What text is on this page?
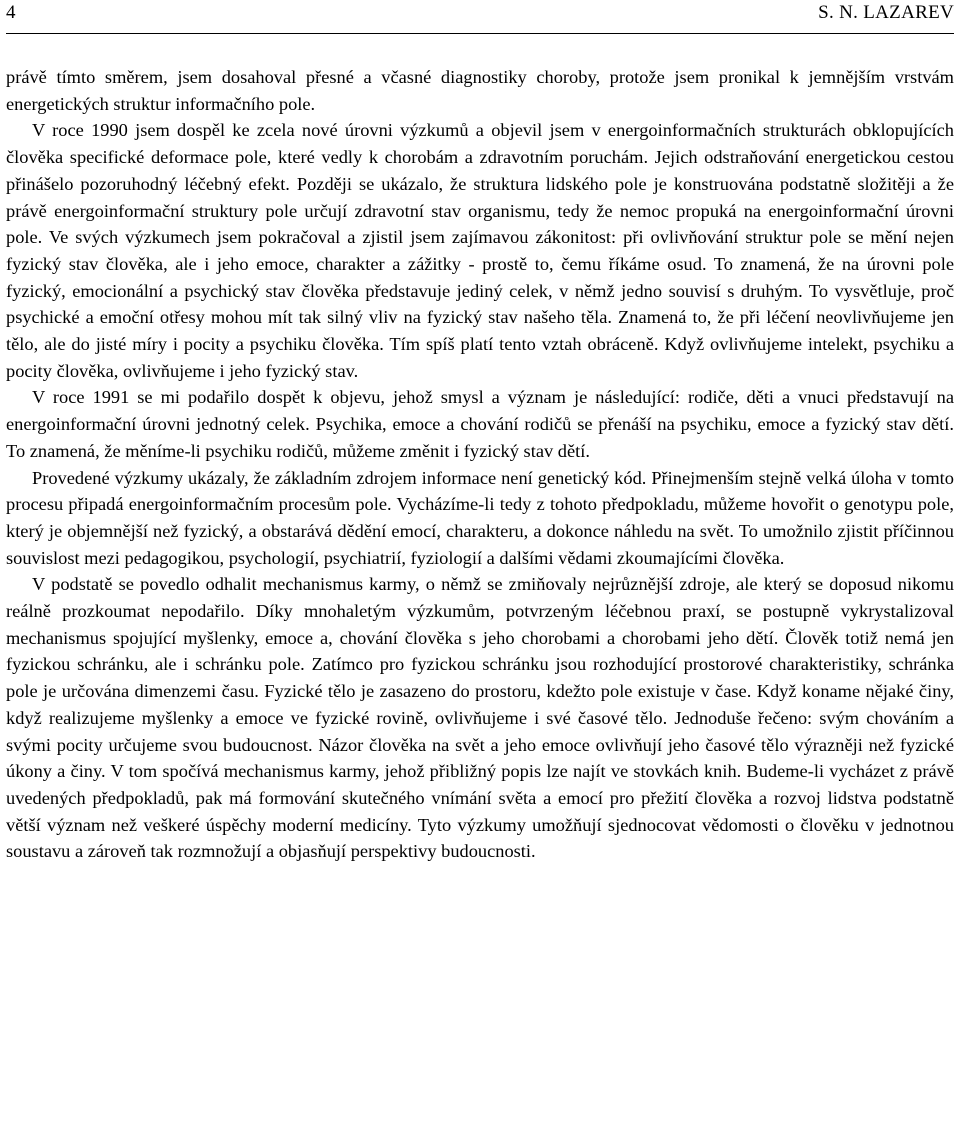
4	S. N. LAZAREV

právě tímto směrem, jsem dosahoval přesné a včasné diagnostiky choroby, protože jsem pronikal k jemnějším vrstvám energetických struktur informačního pole.

V roce 1990 jsem dospěl ke zcela nové úrovni výzkumů a objevil jsem v energoinformačních strukturách obklopujících člověka specifické deformace pole, které vedly k chorobám a zdravotním poruchám. Jejich odstraňování energetickou cestou přinášelo pozoruhodný léčebný efekt. Později se ukázalo, že struktura lidského pole je konstruována podstatně složitěji a že právě energoinformační struktury pole určují zdravotní stav organismu, tedy že nemoc propuká na energoinformační úrovni pole. Ve svých výzkumech jsem pokračoval a zjistil jsem zajímavou zákonitost: při ovlivňování struktur pole se mění nejen fyzický stav člověka, ale i jeho emoce, charakter a zážitky - prostě to, čemu říkáme osud. To znamená, že na úrovni pole fyzický, emocionální a psychický stav člověka představuje jediný celek, v němž jedno souvisí s druhým. To vysvětluje, proč psychické a emoční otřesy mohou mít tak silný vliv na fyzický stav našeho těla. Znamená to, že při léčení neovlivňujeme jen tělo, ale do jisté míry i pocity a psychiku člověka. Tím spíš platí tento vztah obráceně. Když ovlivňujeme intelekt, psychiku a pocity člověka, ovlivňujeme i jeho fyzický stav.

V roce 1991 se mi podařilo dospět k objevu, jehož smysl a význam je následující: rodiče, děti a vnuci představují na energoinformační úrovni jednotný celek. Psychika, emoce a chování rodičů se přenáší na psychiku, emoce a fyzický stav dětí. To znamená, že měníme-li psychiku rodičů, můžeme změnit i fyzický stav dětí.

Provedené výzkumy ukázaly, že základním zdrojem informace není genetický kód. Přinejmenším stejně velká úloha v tomto procesu připadá energoinformačním procesům pole. Vycházíme-li tedy z tohoto předpokladu, můžeme hovořit o genotypu pole, který je objemnější než fyzický, a obstarává dědění emocí, charakteru, a dokonce náhledu na svět. To umožnilo zjistit příčinnou souvislost mezi pedagogikou, psychologií, psychiatrií, fyziologií a dalšími vědami zkoumajícími člověka.

V podstatě se povedlo odhalit mechanismus karmy, o němž se zmiňovaly nejrůznější zdroje, ale který se doposud nikomu reálně prozkoumat nepodařilo. Díky mnohaletým výzkumům, potvrzeným léčebnou praxí, se postupně vykrystalizoval mechanismus spojující myšlenky, emoce a, chování člověka s jeho chorobami a chorobami jeho dětí. Člověk totiž nemá jen fyzickou schránku, ale i schránku pole. Zatímco pro fyzickou schránku jsou rozhodující prostorové charakteristiky, schránka pole je určována dimenzemi času. Fyzické tělo je zasazeno do prostoru, kdežto pole existuje v čase. Když koname nějaké činy, když realizujeme myšlenky a emoce ve fyzické rovině, ovlivňujeme i své časové tělo. Jednoduše řečeno: svým chováním a svými pocity určujeme svou budoucnost. Názor člověka na svět a jeho emoce ovlivňují jeho časové tělo výrazněji než fyzické úkony a činy. V tom spočívá mechanismus karmy, jehož přibližný popis lze najít ve stovkách knih. Budeme-li vycházet z právě uvedených předpokladů, pak má formování skutečného vnímání světa a emocí pro přežití člověka a rozvoj lidstva podstatně větší význam než veškeré úspěchy moderní medicíny. Tyto výzkumy umožňují sjednocovat vědomosti o člověku v jednotnou soustavu a zároveň tak rozmnožují a objasňují perspektivy budoucnosti.
